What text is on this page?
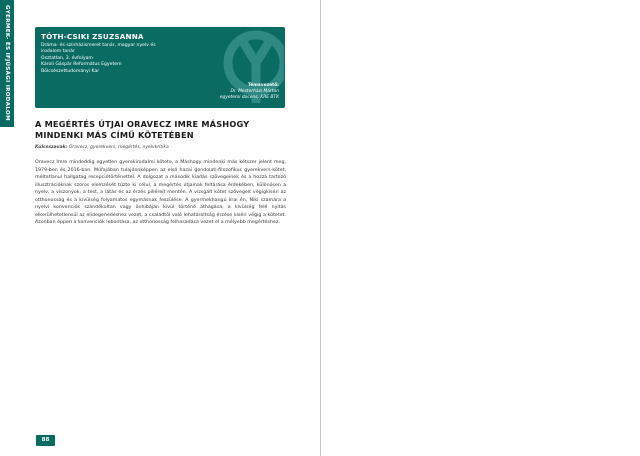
GYERMEK- ÉS IFJÚSÁGI IRODALOM	TÓTH-CSIKI ZSUZSANNA
Dráma- és színházismeret tanár, magyar nyelv és
irodalom tanár
Osztatlan, 3. évfolyam
Károli Gáspár Református Egyetem
Bölcsészettudományi Kar
Témavezető:
Dr. Mesterházi Márton
egyetemi docens, KRE BTK
A MEGÉRTÉS ÚTJAI ORAVECZ IMRE MÁSHOGY MINDENKI MÁS CÍMŰ KÖTETÉBEN
Kulcsszavak: Oravecz, gyerekvers, megértés, nyelvkritika

Oravecz Imre mindeddig egyetlen gyerekirodalmi kötete, a Máshogy mindenki más kétszer jelent meg, 1979-ben és 2016-ban. Műfajában tulajdonképpen az első hazai gondolati-filozofikus gyerekvers-kötet, méltatlanul hallgatag recepciótörténettel. A dolgozat a második kiadás szövegeinek és a hozzá tartozó illusztrációknak szoros elemzését tűzte ki célul, a megértés útjainak feltárása érdekében, különösen a nyelv, a viszonyok, a test, a látás és az érzés pilléreit mentén. A vizsgált kötet szövegeit végigkíséri az otthonosság és a kívülség folyamatos egymásnak feszülése. A gyermekhangú lírai én, Niki számára a nyelvi konvenciók szándékoltan vagy önhibáján kívül történő áthágása, a kívülség felé nyitás elkerülhetetlensül az elidegenedéshez vezet, a családtól való lehatároltság érzése kíséri végig a kötetet. Azonban éppen a konvenciók lebontása, az otthonosság felhasadása vezet el a mélyebb megértéshez.

88
